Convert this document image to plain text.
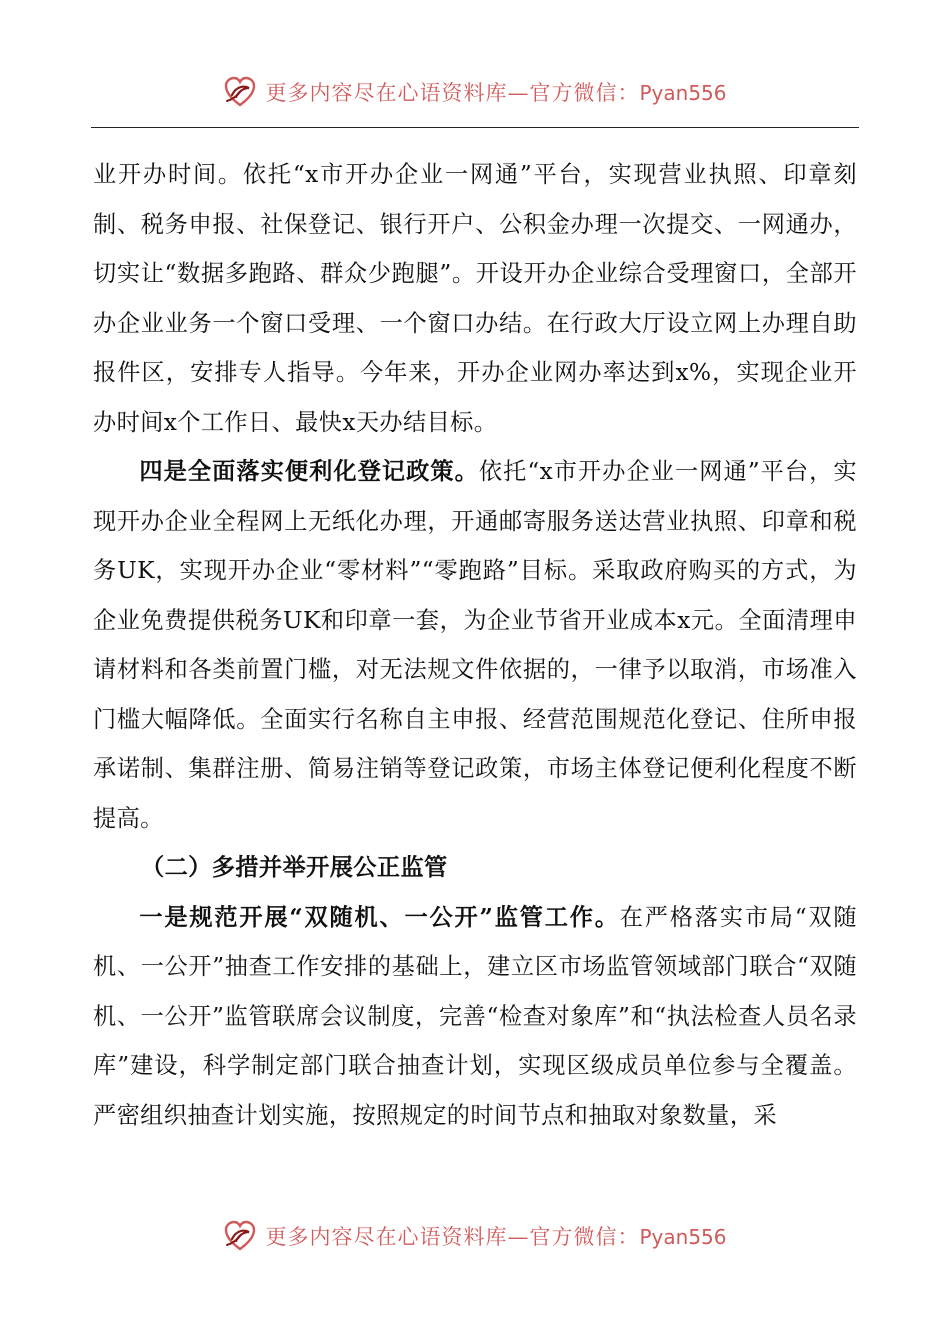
更多内容尽在心语资料库—官方微信：Pyan556

业开办时间。依托“x市开办企业一网通”平台，实现营业执照、印章刻制、税务申报、社保登记、银行开户、公积金办理一次提交、一网通办，切实让“数据多跑路、群众少跑腿”。开设开办企业综合受理窗口，全部开办企业业务一个窗口受理、一个窗口办结。在行政大厅设立网上办理自助报件区，安排专人指导。今年来，开办企业网办率达到x%，实现企业开办时间x个工作日、最快x天办结目标。

四是全面落实便利化登记政策。依托“x市开办企业一网通”平台，实现开办企业全程网上无纸化办理，开通邮寄服务送达营业执照、印章和税务UK，实现开办企业“零材料”“零跑路”目标。采取政府购买的方式，为企业免费提供税务UK和印章一套，为企业节省开业成本x元。全面清理申请材料和各类前置门槛，对无法规文件依据的，一律予以取消，市场准入门槛大幅降低。全面实行名称自主申报、经营范围规范化登记、住所申报承诺制、集群注册、简易注销等登记政策，市场主体登记便利化程度不断提高。

（二）多措并举开展公正监管

一是规范开展“双随机、一公开”监管工作。在严格落实市局“双随机、一公开”抽查工作安排的基础上，建立区市场监管领域部门联合“双随机、一公开”监管联席会议制度，完善“检查对象库”和“执法检查人员名录库”建设，科学制定部门联合抽查计划，实现区级成员单位参与全覆盖。严密组织抽查计划实施，按照规定的时间节点和抽取对象数量，采

更多内容尽在心语资料库—官方微信：Pyan556
